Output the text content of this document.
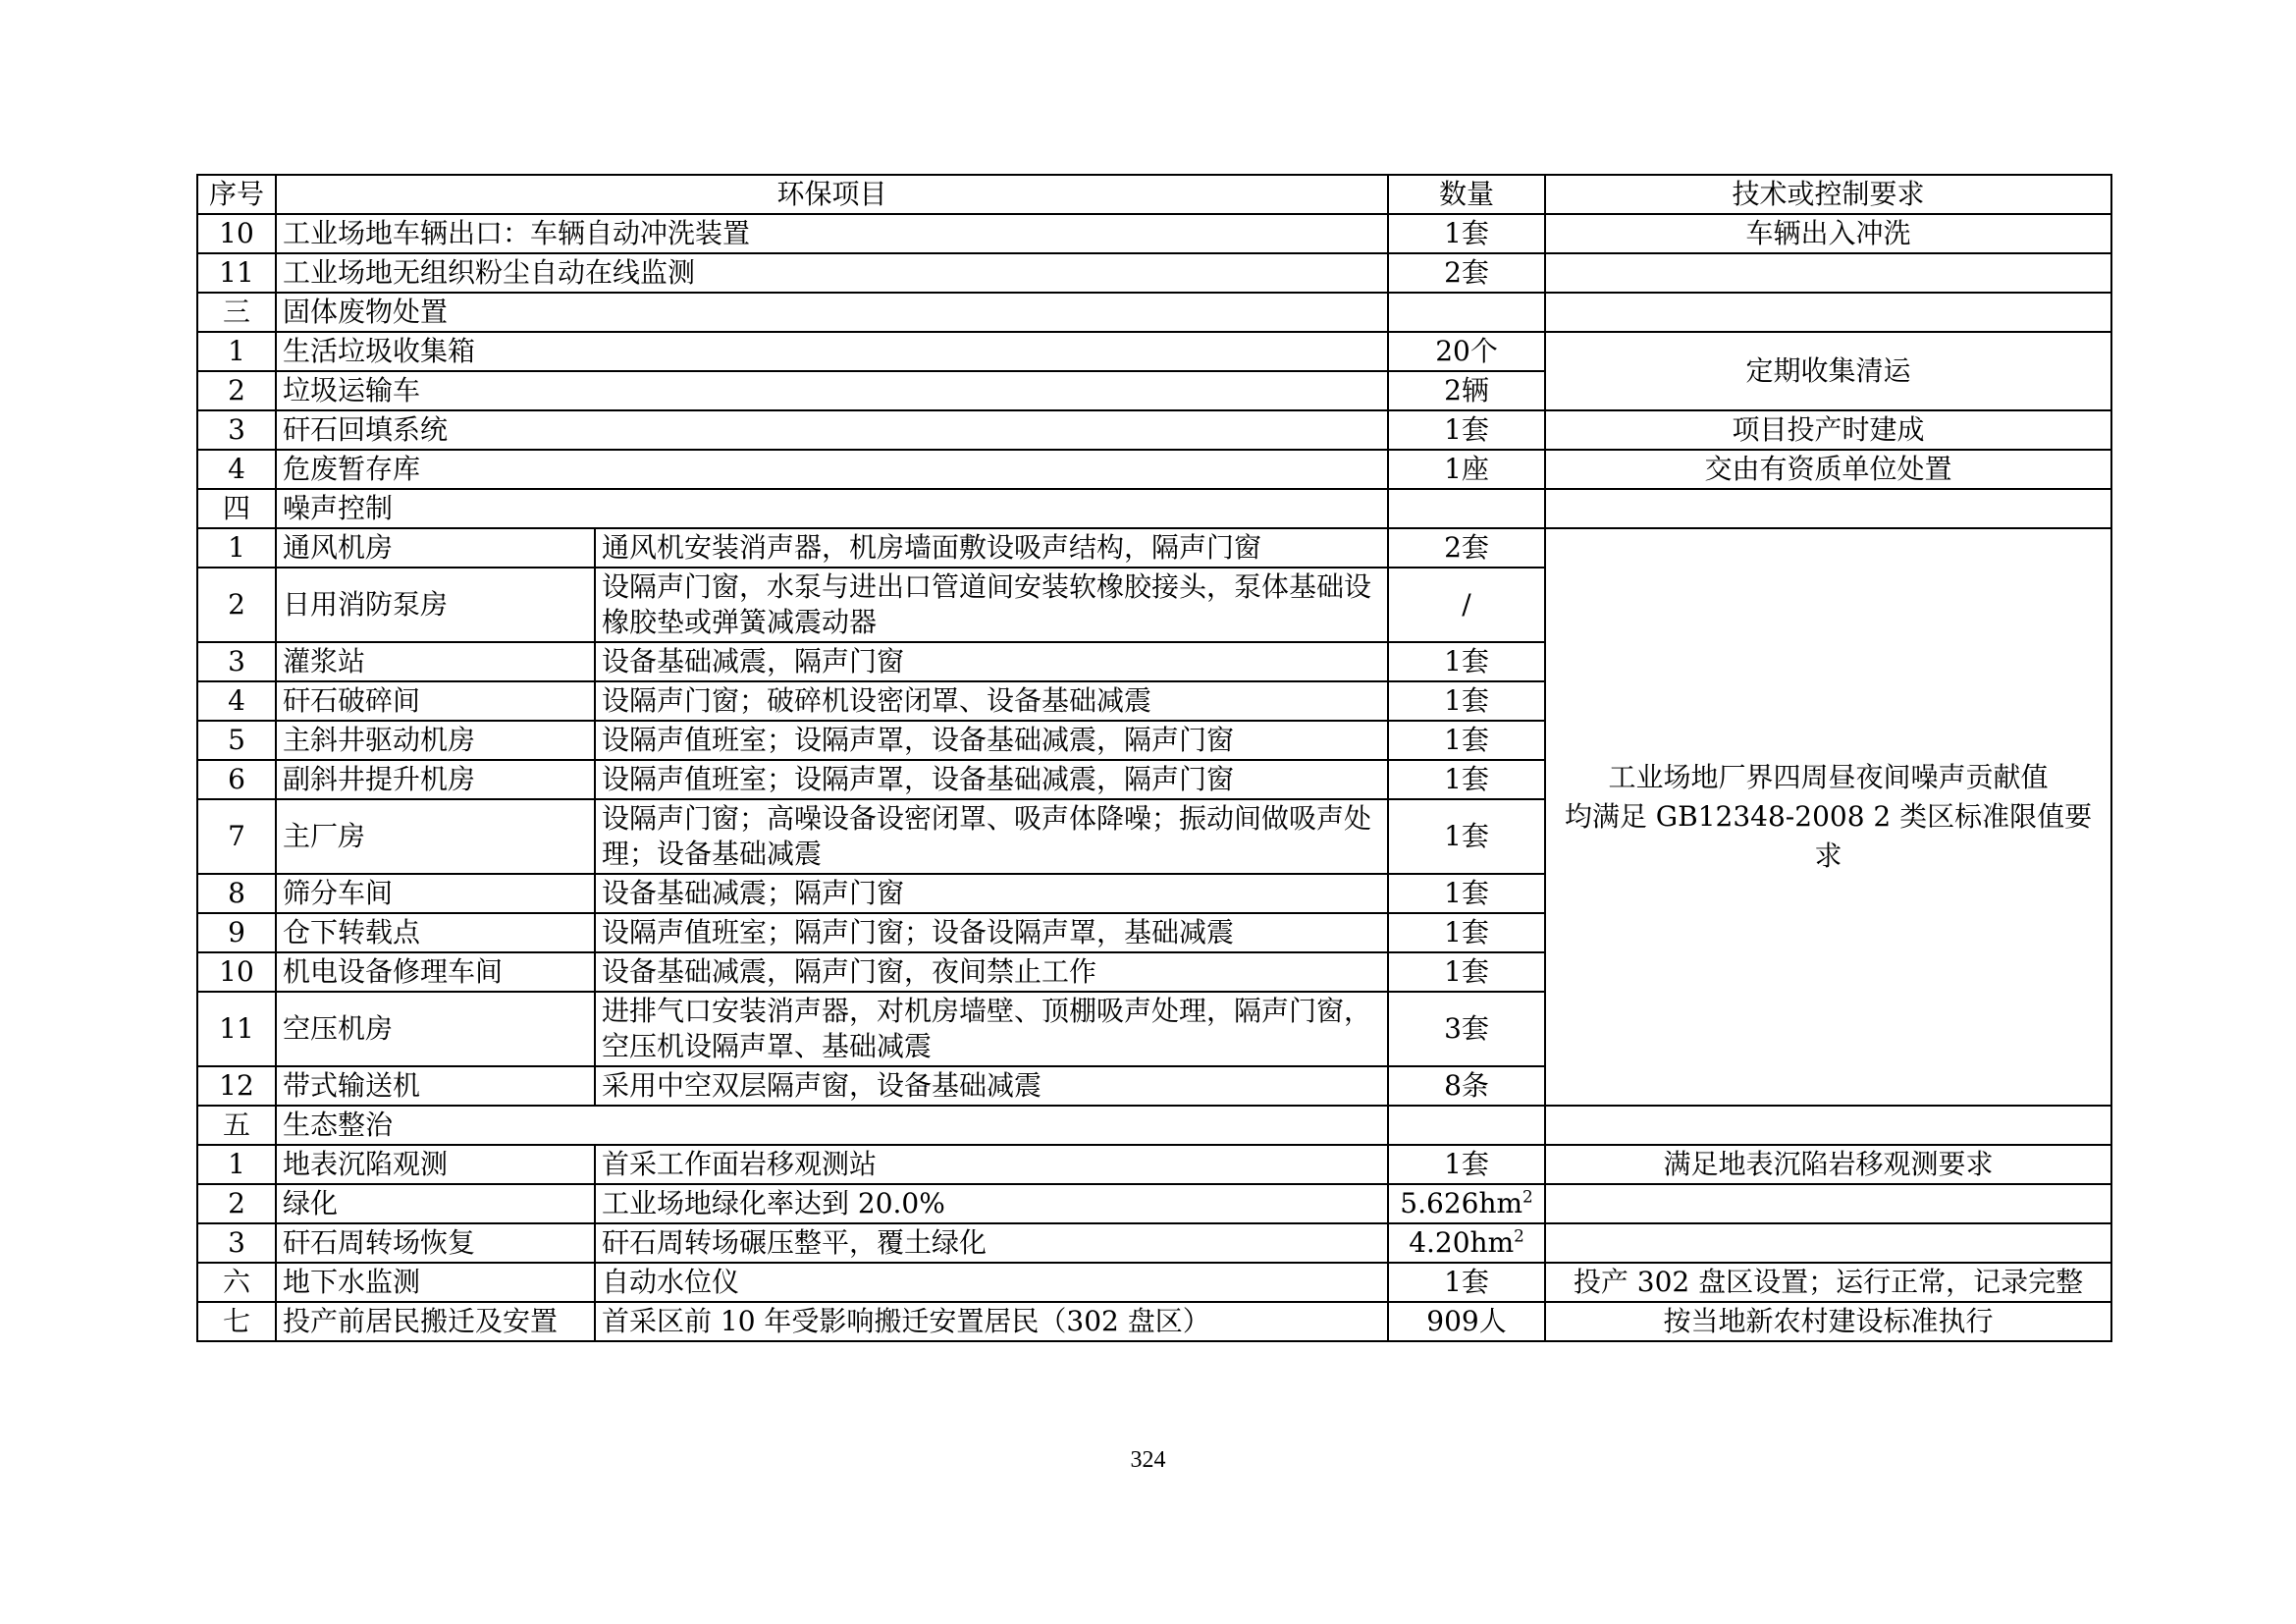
序号	环保项目		数量	技术或控制要求
10	工业场地车辆出口：车辆自动冲洗装置		1套	车辆出入冲洗
11	工业场地无组织粉尘自动在线监测		2套	
三	固体废物处置			
1	生活垃圾收集箱		20个	定期收集清运
2	垃圾运输车		2辆	
3	矸石回填系统		1套	项目投产时建成
4	危废暂存库		1座	交由有资质单位处置
四	噪声控制			
1	通风机房	通风机安装消声器，机房墙面敷设吸声结构，隔声门窗	2套	工业场地厂界四周昼夜间噪声贡献值
均满足 GB12348-2008 2 类区标准限值要求

2	日用消防泵房	设隔声门窗，水泵与进出口管道间安装软橡胶接头，泵体基础设橡胶垫或弹簧减震动器	/	
3	灌浆站	设备基础减震，隔声门窗	1套	
4	矸石破碎间	设隔声门窗；破碎机设密闭罩、设备基础减震	1套	
5	主斜井驱动机房	设隔声值班室；设隔声罩，设备基础减震，隔声门窗	1套	
6	副斜井提升机房	设隔声值班室；设隔声罩，设备基础减震，隔声门窗	1套	
7	主厂房	设隔声门窗；高噪设备设密闭罩、吸声体降噪；振动间做吸声处理；设备基础减震	1套	
8	筛分车间	设备基础减震；隔声门窗	1套	
9	仓下转载点	设隔声值班室；隔声门窗；设备设隔声罩，基础减震	1套	
10	机电设备修理车间	设备基础减震，隔声门窗，夜间禁止工作	1套	
11	空压机房	进排气口安装消声器，对机房墙壁、顶棚吸声处理，隔声门窗，空压机设隔声罩、基础减震	3套	
12	带式输送机	采用中空双层隔声窗，设备基础减震	8条	
五	生态整治			
1	地表沉陷观测	首采工作面岩移观测站	1套	满足地表沉陷岩移观测要求
2	绿化	工业场地绿化率达到 20.0%	$5.626hm^2$	
3	矸石周转场恢复	矸石周转场碾压整平，覆土绿化	$4.20hm^2$	
六	地下水监测	自动水位仪	1套	投产 302 盘区设置；运行正常，记录完整
七	投产前居民搬迁及安置	首采区前 10 年受影响搬迁安置居民（302 盘区）	909人	按当地新农村建设标准执行
324
